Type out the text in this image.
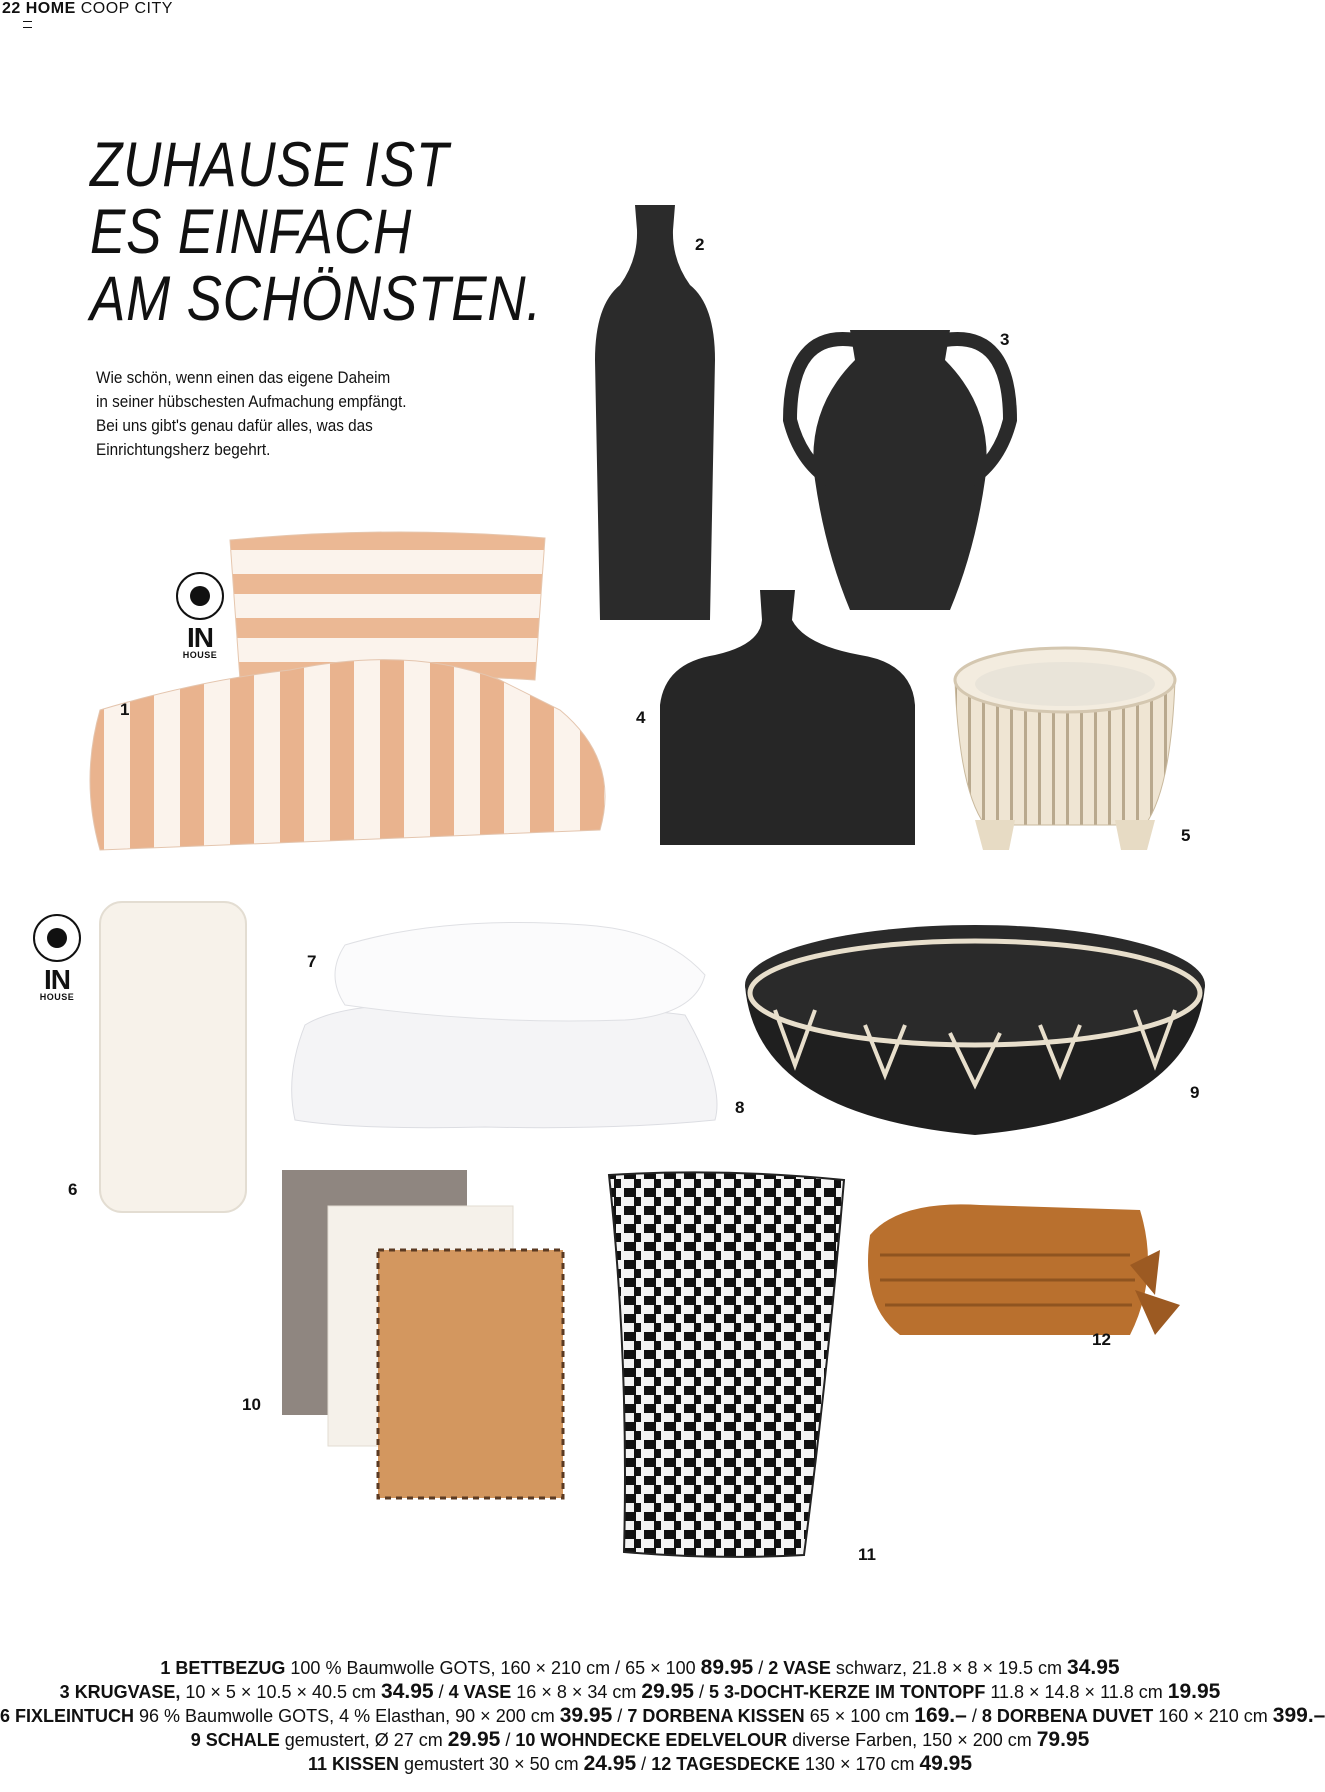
22 HOME COOP CITY
ZUHAUSE IST
ES EINFACH
AM SCHÖNSTEN.
Wie schön, wenn einen das eigene Daheim
in seiner hübschesten Aufmachung empfängt.
Bei uns gibt's genau dafür alles, was das
Einrichtungsherz begehrt.
IN
HOUSE
IN
HOUSE
1
2
3
4
5
6
7
8
9
10
11
12
1 BETTBEZUG 100 % Baumwolle GOTS, 160 × 210 cm / 65 × 100 89.95 / 2 VASE schwarz, 21.8 × 8 × 19.5 cm 34.95
3 KRUGVASE, 10 × 5 × 10.5 × 40.5 cm 34.95 / 4 VASE 16 × 8 × 34 cm 29.95 / 5 3-DOCHT-KERZE IM TONTOPF 11.8 × 14.8 × 11.8 cm 19.95
6 FIXLEINTUCH 96 % Baumwolle GOTS, 4 % Elasthan, 90 × 200 cm 39.95 / 7 DORBENA KISSEN 65 × 100 cm 169.– / 8 DORBENA DUVET 160 × 210 cm 399.–
9 SCHALE gemustert, Ø 27 cm 29.95 / 10 WOHNDECKE EDELVELOUR diverse Farben, 150 × 200 cm 79.95
11 KISSEN gemustert 30 × 50 cm 24.95 / 12 TAGESDECKE 130 × 170 cm 49.95
